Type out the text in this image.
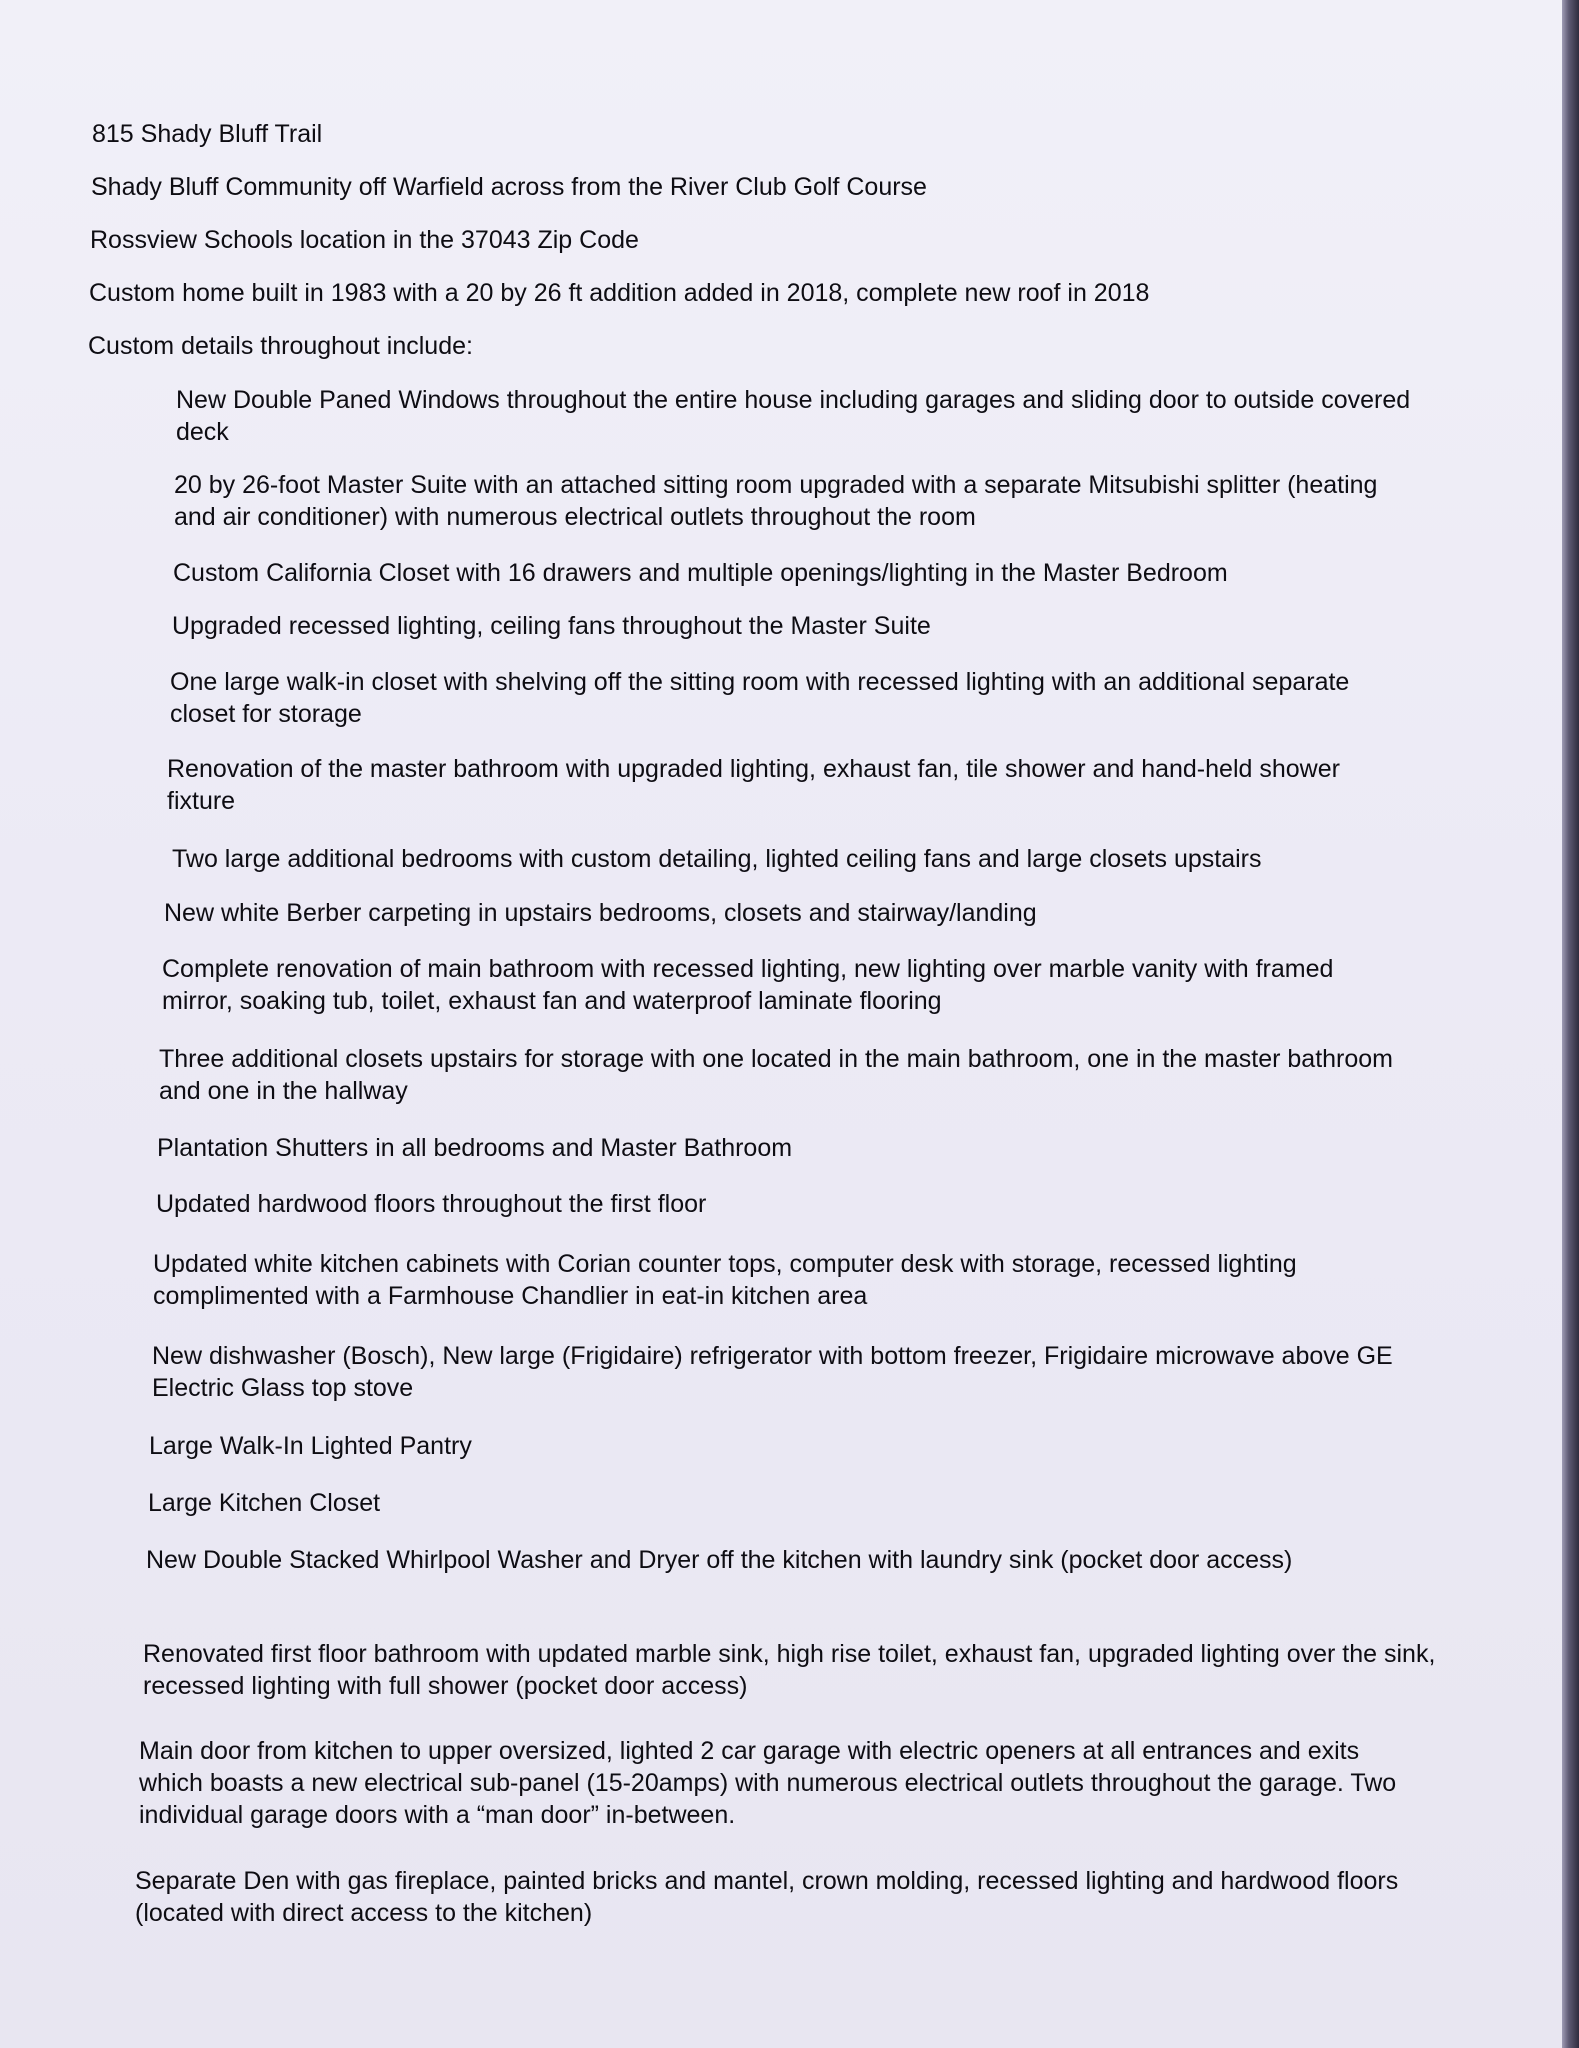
815 Shady Bluff Trail

Shady Bluff Community off Warfield across from the River Club Golf Course

Rossview Schools location in the 37043 Zip Code

Custom home built in 1983 with a 20 by 26 ft addition added in 2018, complete new roof in 2018

Custom details throughout include:

New Double Paned Windows throughout the entire house including garages and sliding door to outside covered deck

20 by 26-foot Master Suite with an attached sitting room upgraded with a separate Mitsubishi splitter (heating and air conditioner) with numerous electrical outlets throughout the room

Custom California Closet with 16 drawers and multiple openings/lighting in the Master Bedroom

Upgraded recessed lighting, ceiling fans throughout the Master Suite

One large walk-in closet with shelving off the sitting room with recessed lighting with an additional separate closet for storage

Renovation of the master bathroom with upgraded lighting, exhaust fan, tile shower and hand-held shower fixture

Two large additional bedrooms with custom detailing, lighted ceiling fans and large closets upstairs

New white Berber carpeting in upstairs bedrooms, closets and stairway/landing

Complete renovation of main bathroom with recessed lighting, new lighting over marble vanity with framed mirror, soaking tub, toilet, exhaust fan and waterproof laminate flooring

Three additional closets upstairs for storage with one located in the main bathroom, one in the master bathroom and one in the hallway

Plantation Shutters in all bedrooms and Master Bathroom

Updated hardwood floors throughout the first floor

Updated white kitchen cabinets with Corian counter tops, computer desk with storage, recessed lighting complimented with a Farmhouse Chandlier in eat-in kitchen area

New dishwasher (Bosch), New large (Frigidaire) refrigerator with bottom freezer, Frigidaire microwave above GE Electric Glass top stove

Large Walk-In Lighted Pantry

Large Kitchen Closet

New Double Stacked Whirlpool Washer and Dryer off the kitchen with laundry sink (pocket door access)

Renovated first floor bathroom with updated marble sink, high rise toilet, exhaust fan, upgraded lighting over the sink, recessed lighting with full shower (pocket door access)

Main door from kitchen to upper oversized, lighted 2 car garage with electric openers at all entrances and exits which boasts a new electrical sub-panel (15-20amps) with numerous electrical outlets throughout the garage. Two individual garage doors with a “man door” in-between.

Separate Den with gas fireplace, painted bricks and mantel, crown molding, recessed lighting and hardwood floors (located with direct access to the kitchen)
